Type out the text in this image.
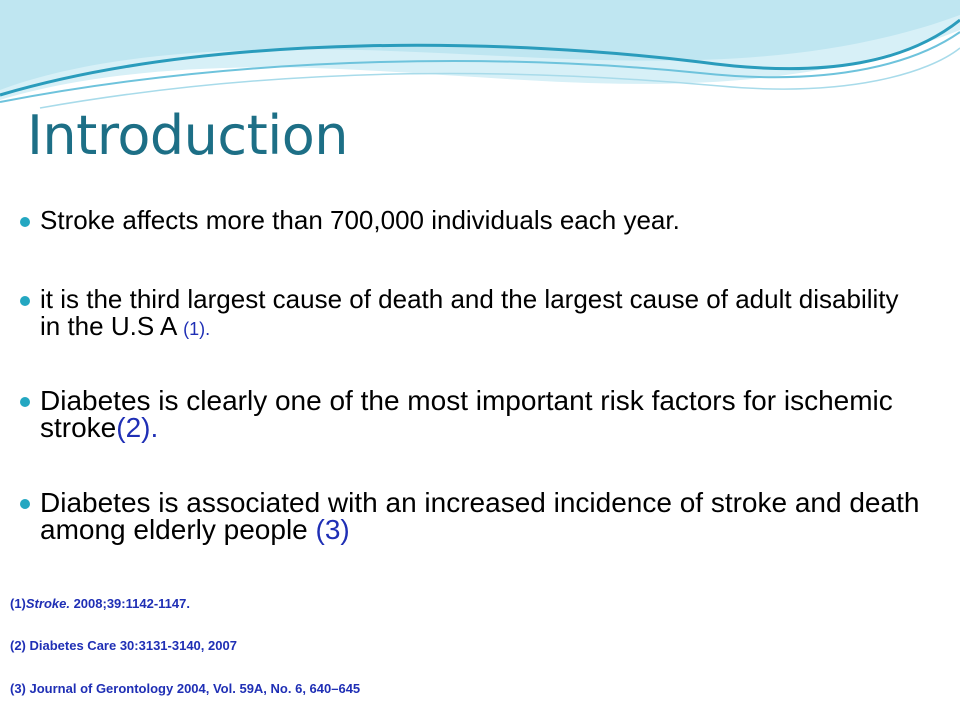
Introduction
Stroke affects more than 700,000 individuals each year.
it is the third largest cause of death and the largest cause of adult disability in the U.S A (1).
Diabetes is clearly one of the most important risk factors for ischemic stroke(2).
Diabetes is associated with an increased incidence of stroke and death among elderly people (3)
(1)Stroke. 2008;39:1142-1147.
(2) Diabetes Care 30:3131-3140, 2007
(3) Journal of Gerontology 2004, Vol. 59A, No. 6, 640–645
